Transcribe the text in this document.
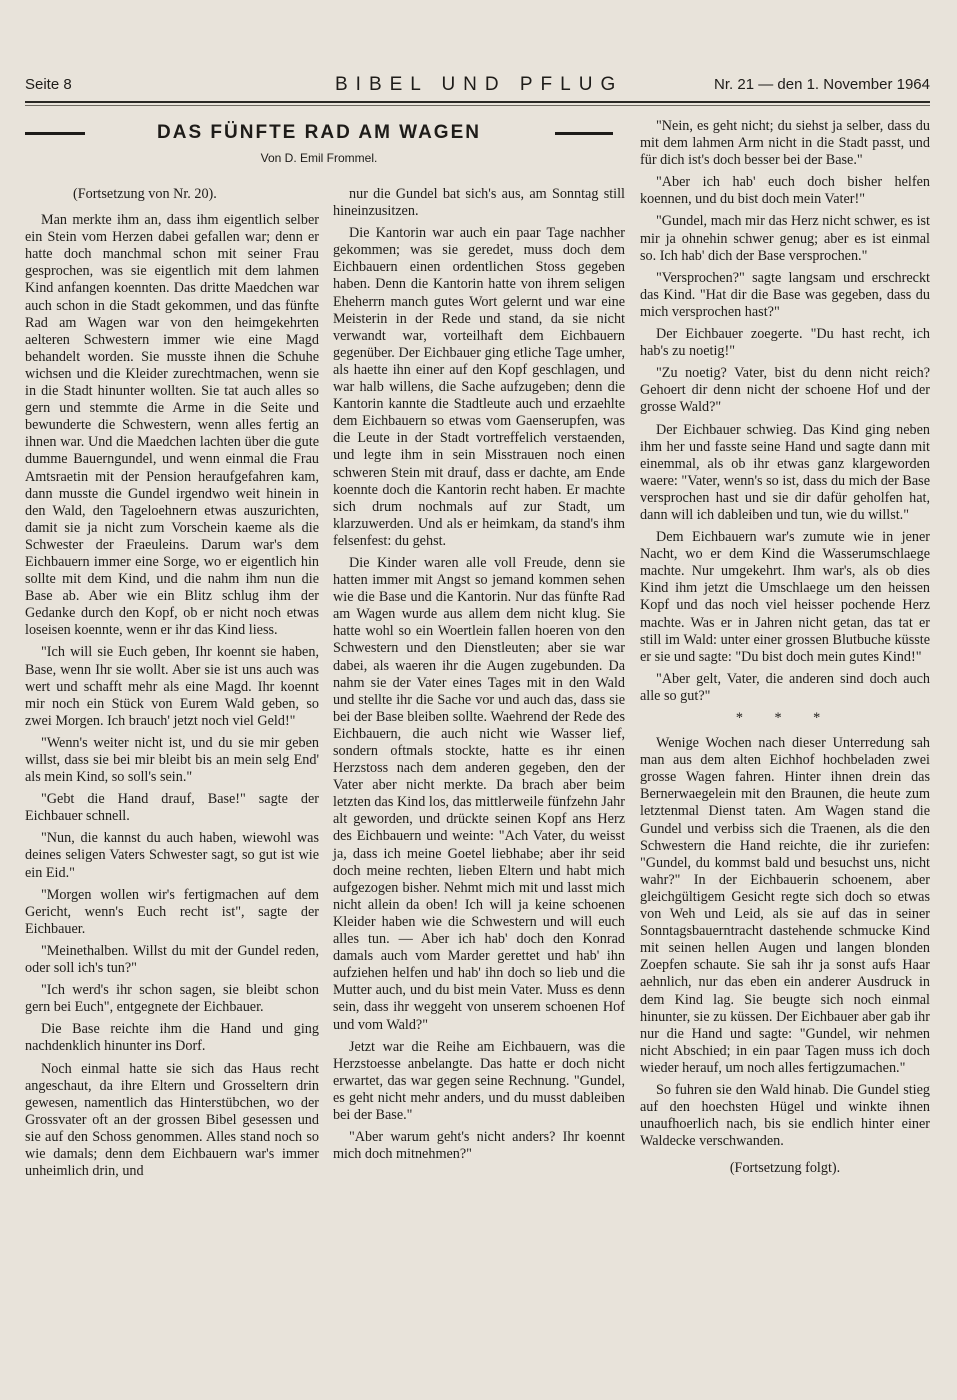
Seite 8	BIBEL UND PFLUG	Nr. 21 — den 1. November 1964
DAS FÜNFTE RAD AM WAGEN
Von D. Emil Frommel.

(Fortsetzung von Nr. 20).

Man merkte ihm an, dass ihm eigentlich selber ein Stein vom Herzen dabei gefallen war; denn er hatte doch manchmal schon mit seiner Frau gesprochen, was sie eigentlich mit dem lahmen Kind anfangen koennten. Das dritte Maedchen war auch schon in die Stadt gekommen, und das fünfte Rad am Wagen war von den heimgekehrten aelteren Schwestern immer wie eine Magd behandelt worden. Sie musste ihnen die Schuhe wichsen und die Kleider zurechtmachen, wenn sie in die Stadt hinunter wollten. Sie tat auch alles so gern und stemmte die Arme in die Seite und bewunderte die Schwestern, wenn alles fertig an ihnen war. Und die Maedchen lachten über die gute dumme Bauerngundel, und wenn einmal die Frau Amtsraetin mit der Pension heraufgefahren kam, dann musste die Gundel irgendwo weit hinein in den Wald, den Tageloehnern etwas auszurichten, damit sie ja nicht zum Vorschein kaeme als die Schwester der Fraeuleins. Darum war's dem Eichbauern immer eine Sorge, wo er eigentlich hin sollte mit dem Kind, und die nahm ihm nun die Base ab. Aber wie ein Blitz schlug ihm der Gedanke durch den Kopf, ob er nicht noch etwas loseisen koennte, wenn er ihr das Kind liess.

"Ich will sie Euch geben, Ihr koennt sie haben, Base, wenn Ihr sie wollt. Aber sie ist uns auch was wert und schafft mehr als eine Magd. Ihr koennt mir noch ein Stück von Eurem Wald geben, so zwei Morgen. Ich brauch' jetzt noch viel Geld!"

"Wenn's weiter nicht ist, und du sie mir geben willst, dass sie bei mir bleibt bis an mein selg End' als mein Kind, so soll's sein."

"Gebt die Hand drauf, Base!" sagte der Eichbauer schnell.

"Nun, die kannst du auch haben, wiewohl was deines seligen Vaters Schwester sagt, so gut ist wie ein Eid."

"Morgen wollen wir's fertigmachen auf dem Gericht, wenn's Euch recht ist", sagte der Eichbauer.

"Meinethalben. Willst du mit der Gundel reden, oder soll ich's tun?"

"Ich werd's ihr schon sagen, sie bleibt schon gern bei Euch", entgegnete der Eichbauer.

Die Base reichte ihm die Hand und ging nachdenklich hinunter ins Dorf.

Noch einmal hatte sie sich das Haus recht angeschaut, da ihre Eltern und Grosseltern drin gewesen, namentlich das Hinterstübchen, wo der Grossvater oft an der grossen Bibel gesessen und sie auf den Schoss genommen. Alles stand noch so wie damals; denn dem Eichbauern war's immer unheimlich drin, und

nur die Gundel bat sich's aus, am Sonntag still hineinzusitzen.

Die Kantorin war auch ein paar Tage nachher gekommen; was sie geredet, muss doch dem Eichbauern einen ordentlichen Stoss gegeben haben. Denn die Kantorin hatte von ihrem seligen Eheherrn manch gutes Wort gelernt und war eine Meisterin in der Rede und stand, da sie nicht verwandt war, vorteilhaft dem Eichbauern gegenüber. Der Eichbauer ging etliche Tage umher, als haette ihn einer auf den Kopf geschlagen, und war halb willens, die Sache aufzugeben; denn die Kantorin kannte die Stadtleute auch und erzaehlte dem Eichbauern so etwas vom Gaenserupfen, was die Leute in der Stadt vortreffelich verstaenden, und legte ihm in sein Misstrauen noch einen schweren Stein mit drauf, dass er dachte, am Ende koennte doch die Kantorin recht haben. Er machte sich drum nochmals auf zur Stadt, um klarzuwerden. Und als er heimkam, da stand's ihm felsenfest: du gehst.

Die Kinder waren alle voll Freude, denn sie hatten immer mit Angst so jemand kommen sehen wie die Base und die Kantorin. Nur das fünfte Rad am Wagen wurde aus allem dem nicht klug. Sie hatte wohl so ein Woertlein fallen hoeren von den Schwestern und den Dienstleuten; aber sie war dabei, als waeren ihr die Augen zugebunden. Da nahm sie der Vater eines Tages mit in den Wald und stellte ihr die Sache vor und auch das, dass sie bei der Base bleiben sollte. Waehrend der Rede des Eichbauern, die auch nicht wie Wasser lief, sondern oftmals stockte, hatte es ihr einen Herzstoss nach dem anderen gegeben, den der Vater aber nicht merkte. Da brach aber beim letzten das Kind los, das mittlerweile fünfzehn Jahr alt geworden, und drückte seinen Kopf ans Herz des Eichbauern und weinte: "Ach Vater, du weisst ja, dass ich meine Goetel liebhabe; aber ihr seid doch meine rechten, lieben Eltern und habt mich aufgezogen bisher. Nehmt mich mit und lasst mich nicht allein da oben! Ich will ja keine schoenen Kleider haben wie die Schwestern und will euch alles tun. — Aber ich hab' doch den Konrad damals auch vom Marder gerettet und hab' ihn aufziehen helfen und hab' ihn doch so lieb und die Mutter auch, und du bist mein Vater. Muss es denn sein, dass ihr weggeht von unserem schoenen Hof und vom Wald?"

Jetzt war die Reihe am Eichbauern, was die Herzstoesse anbelangte. Das hatte er doch nicht erwartet, das war gegen seine Rechnung. "Gundel, es geht nicht mehr anders, und du musst dableiben bei der Base."

"Aber warum geht's nicht anders? Ihr koennt mich doch mitnehmen?"

"Nein, es geht nicht; du siehst ja selber, dass du mit dem lahmen Arm nicht in die Stadt passt, und für dich ist's doch besser bei der Base."

"Aber ich hab' euch doch bisher helfen koennen, und du bist doch mein Vater!"

"Gundel, mach mir das Herz nicht schwer, es ist mir ja ohnehin schwer genug; aber es ist einmal so. Ich hab' dich der Base versprochen."

"Versprochen?" sagte langsam und erschreckt das Kind. "Hat dir die Base was gegeben, dass du mich versprochen hast?"

Der Eichbauer zoegerte. "Du hast recht, ich hab's zu noetig!"

"Zu noetig? Vater, bist du denn nicht reich? Gehoert dir denn nicht der schoene Hof und der grosse Wald?"

Der Eichbauer schwieg. Das Kind ging neben ihm her und fasste seine Hand und sagte dann mit einemmal, als ob ihr etwas ganz klargeworden waere: "Vater, wenn's so ist, dass du mich der Base versprochen hast und sie dir dafür geholfen hat, dann will ich dableiben und tun, wie du willst."

Dem Eichbauern war's zumute wie in jener Nacht, wo er dem Kind die Wasserumschlaege machte. Nur umgekehrt. Ihm war's, als ob dies Kind ihm jetzt die Umschlaege um den heissen Kopf und das noch viel heisser pochende Herz machte. Was er in Jahren nicht getan, das tat er still im Wald: unter einer grossen Blutbuche küsste er sie und sagte: "Du bist doch mein gutes Kind!"

"Aber gelt, Vater, die anderen sind doch auch alle so gut?"

* * *

Wenige Wochen nach dieser Unterredung sah man aus dem alten Eichhof hochbeladen zwei grosse Wagen fahren. Hinter ihnen drein das Bernerwaegelein mit den Braunen, die heute zum letztenmal Dienst taten. Am Wagen stand die Gundel und verbiss sich die Traenen, als die den Schwestern die Hand reichte, die ihr zuriefen: "Gundel, du kommst bald und besuchst uns, nicht wahr?" In der Eichbauerin schoenem, aber gleichgültigem Gesicht regte sich doch so etwas von Weh und Leid, als sie auf das in seiner Sonntagsbauerntracht dastehende schmucke Kind mit seinen hellen Augen und langen blonden Zoepfen schaute. Sie sah ihr ja sonst aufs Haar aehnlich, nur das eben ein anderer Ausdruck in dem Kind lag. Sie beugte sich noch einmal hinunter, sie zu küssen. Der Eichbauer aber gab ihr nur die Hand und sagte: "Gundel, wir nehmen nicht Abschied; in ein paar Tagen muss ich doch wieder herauf, um noch alles fertigzumachen."

So fuhren sie den Wald hinab. Die Gundel stieg auf den hoechsten Hügel und winkte ihnen unaufhoerlich nach, bis sie endlich hinter einer Waldecke verschwanden.

(Fortsetzung folgt).
